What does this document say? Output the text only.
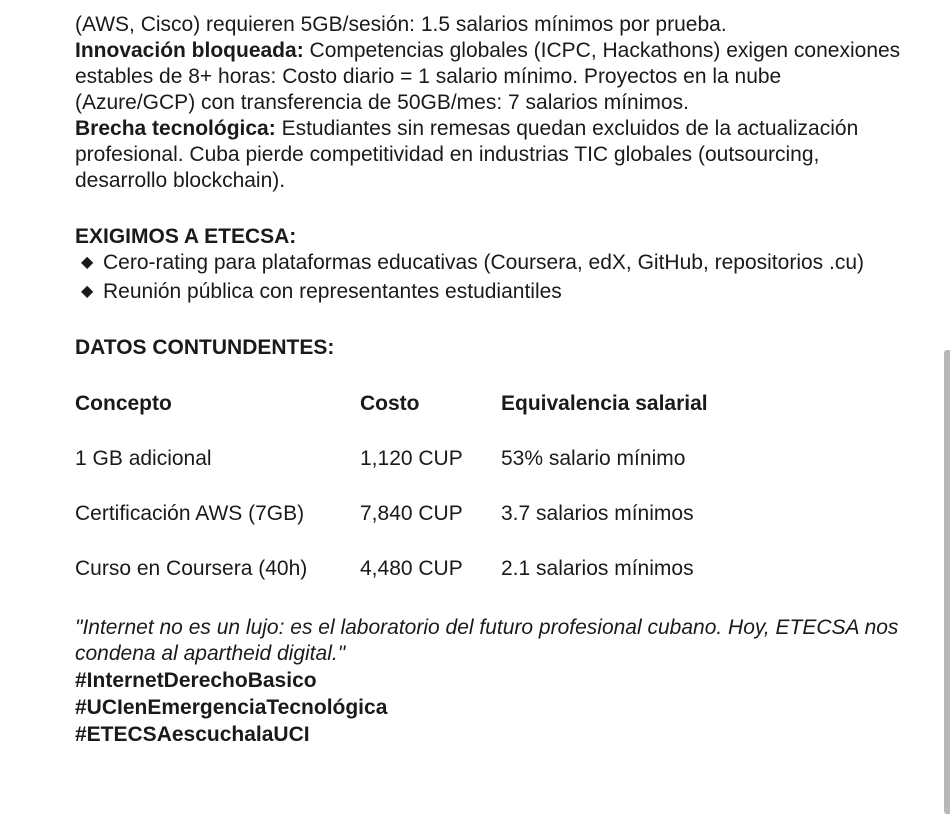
(AWS, Cisco) requieren 5GB/sesión: 1.5 salarios mínimos por prueba.

Innovación bloqueada: Competencias globales (ICPC, Hackathons) exigen conexiones estables de 8+ horas: Costo diario = 1 salario mínimo. Proyectos en la nube (Azure/GCP) con transferencia de 50GB/mes: 7 salarios mínimos.

Brecha tecnológica: Estudiantes sin remesas quedan excluidos de la actualización profesional. Cuba pierde competitividad en industrias TIC globales (outsourcing, desarrollo blockchain).

EXIGIMOS A ETECSA:
◆ Cero-rating para plataformas educativas (Coursera, edX, GitHub, repositorios .cu)
◆ Reunión pública con representantes estudiantiles
DATOS CONTUNDENTES:
Concepto	Costo	Equivalencia salarial
1 GB adicional	1,120 CUP	53% salario mínimo
Certificación AWS (7GB)	7,840 CUP	3.7 salarios mínimos
Curso en Coursera (40h)	4,480 CUP	2.1 salarios mínimos

"Internet no es un lujo: es el laboratorio del futuro profesional cubano. Hoy, ETECSA nos condena al apartheid digital."

#InternetDerechoBasico
#UCIenEmergenciaTecnológica
#ETECSAescuchalaUCI
